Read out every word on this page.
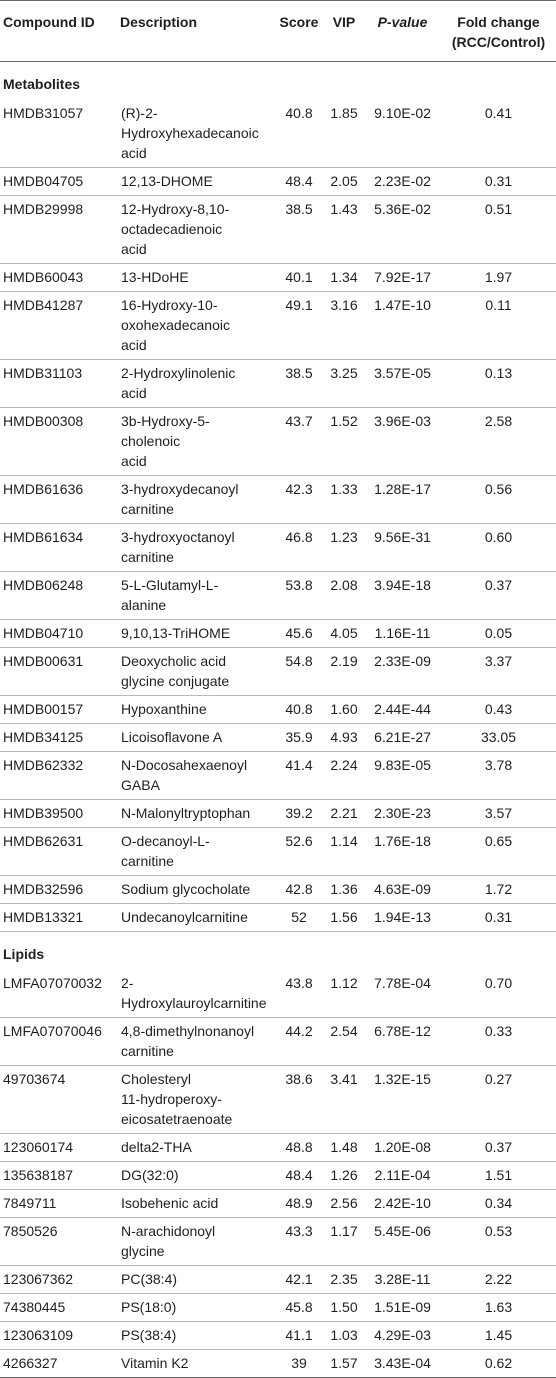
Compound ID	Description	Score	VIP	P-value	Fold change
(RCC/Control)

Metabolites					
HMDB31057	(R)-2-
Hydroxyhexadecanoic
acid	40.8	1.85	9.10E-02	0.41
HMDB04705	12,13-DHOME	48.4	2.05	2.23E-02	0.31
HMDB29998	12-Hydroxy-8,10-
octadecadienoic
acid	38.5	1.43	5.36E-02	0.51
HMDB60043	13-HDoHE	40.1	1.34	7.92E-17	1.97
HMDB41287	16-Hydroxy-10-
oxohexadecanoic
acid	49.1	3.16	1.47E-10	0.11
HMDB31103	2-Hydroxylinolenic
acid	38.5	3.25	3.57E-05	0.13
HMDB00308	3b-Hydroxy-5-
cholenoic
acid	43.7	1.52	3.96E-03	2.58
HMDB61636	3-hydroxydecanoyl
carnitine	42.3	1.33	1.28E-17	0.56
HMDB61634	3-hydroxyoctanoyl
carnitine	46.8	1.23	9.56E-31	0.60
HMDB06248	5-L-Glutamyl-L-
alanine	53.8	2.08	3.94E-18	0.37
HMDB04710	9,10,13-TriHOME	45.6	4.05	1.16E-11	0.05
HMDB00631	Deoxycholic acid
glycine conjugate	54.8	2.19	2.33E-09	3.37
HMDB00157	Hypoxanthine	40.8	1.60	2.44E-44	0.43
HMDB34125	Licoisoflavone A	35.9	4.93	6.21E-27	33.05
HMDB62332	N-Docosahexaenoyl
GABA	41.4	2.24	9.83E-05	3.78
HMDB39500	N-Malonyltryptophan	39.2	2.21	2.30E-23	3.57
HMDB62631	O-decanoyl-L-
carnitine	52.6	1.14	1.76E-18	0.65
HMDB32596	Sodium glycocholate	42.8	1.36	4.63E-09	1.72
HMDB13321	Undecanoylcarnitine	52	1.56	1.94E-13	0.31
Lipids					
LMFA07070032	2-
Hydroxylauroylcarnitine	43.8	1.12	7.78E-04	0.70
LMFA07070046	4,8-dimethylnonanoyl
carnitine	44.2	2.54	6.78E-12	0.33
49703674	Cholesteryl
11-hydroperoxy-
eicosatetraenoate	38.6	3.41	1.32E-15	0.27
123060174	delta2-THA	48.8	1.48	1.20E-08	0.37
135638187	DG(32:0)	48.4	1.26	2.11E-04	1.51
7849711	Isobehenic acid	48.9	2.56	2.42E-10	0.34
7850526	N-arachidonoyl
glycine	43.3	1.17	5.45E-06	0.53
123067362	PC(38:4)	42.1	2.35	3.28E-11	2.22
74380445	PS(18:0)	45.8	1.50	1.51E-09	1.63
123063109	PS(38:4)	41.1	1.03	4.29E-03	1.45
4266327	Vitamin K2	39	1.57	3.43E-04	0.62
